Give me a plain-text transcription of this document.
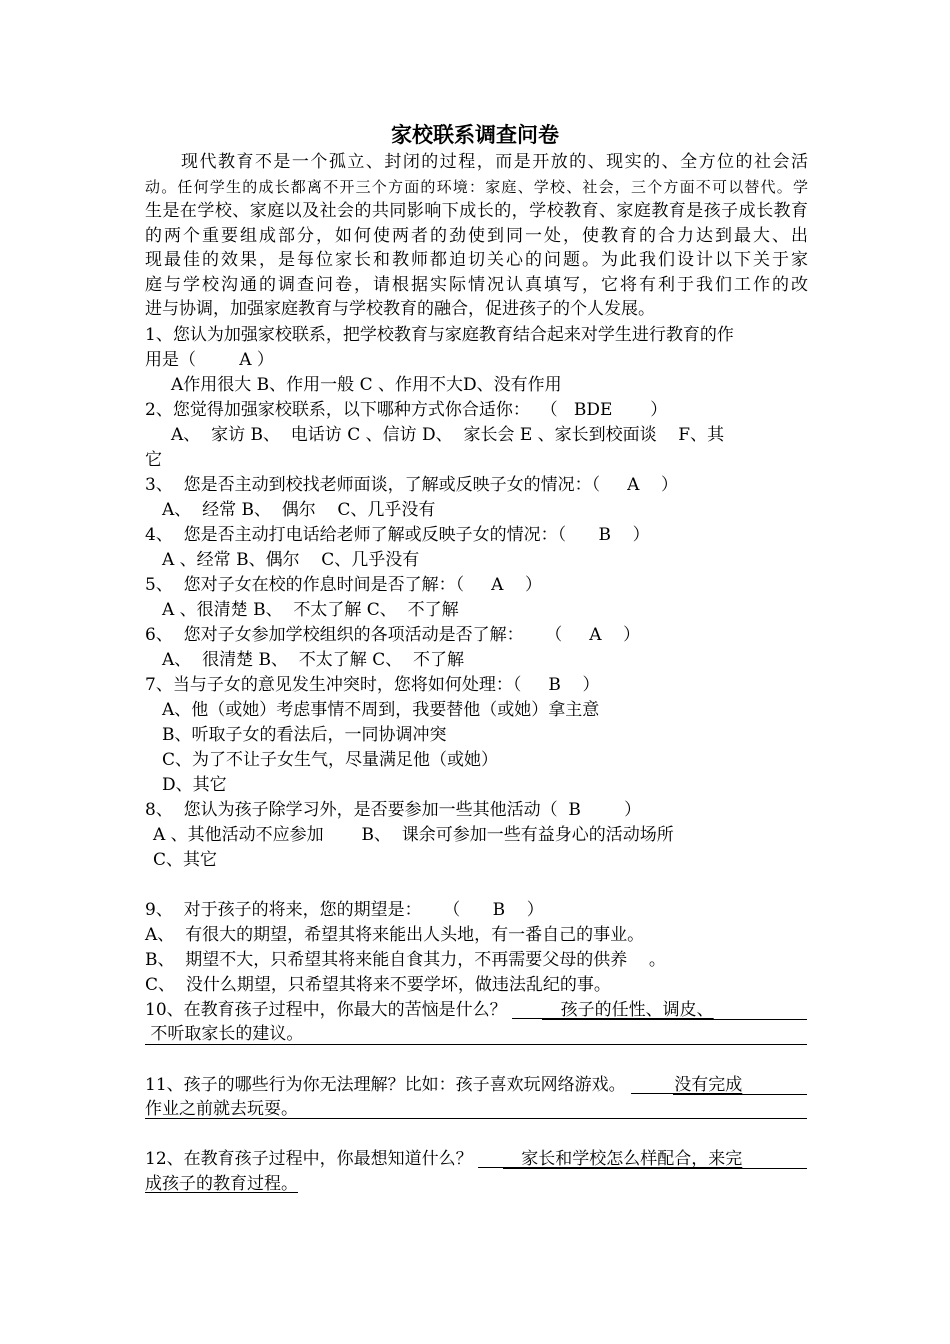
家校联系调查问卷

现代教育不是一个孤立、封闭的过程，而是开放的、现实的、全方位的社会活

动。任何学生的成长都离不开三个方面的环境：家庭、学校、社会，三个方面不可以替代。学

生是在学校、家庭以及社会的共同影响下成长的，学校教育、家庭教育是孩子成长教育

的两个重要组成部分，如何使两者的劲使到同一处，使教育的合力达到最大、出

现最佳的效果，是每位家长和教师都迫切关心的问题。为此我们设计以下关于家

庭与学校沟通的调查问卷，请根据实际情况认真填写，它将有利于我们工作的改

进与协调，加强家庭教育与学校教育的融合，促进孩子的个人发展。

1、您认为加强家校联系，把学校教育与家庭教育结合起来对学生进行教育的作
用是（        A ）
A作用很大 B、作用一般 C 、作用不大D、没有作用
2、您觉得加强家校联系，以下哪种方式你合适你：  （   BDE       ）
A、  家访 B、  电话访 C 、信访 D、  家长会 E 、家长到校面谈    F、其
它
3、  您是否主动到校找老师面谈，了解或反映子女的情况：（     A    ）
A、  经常 B、  偶尔    C、几乎没有
4、  您是否主动打电话给老师了解或反映子女的情况：（      B    ）
A 、经常 B、偶尔    C、几乎没有
5、  您对子女在校的作息时间是否了解：（     A    ）
A 、很清楚 B、  不太了解 C、  不了解
6、  您对子女参加学校组织的各项活动是否了解：    （     A    ）
A、  很清楚 B、  不太了解 C、  不了解
7、当与子女的意见发生冲突时，您将如何处理：（     B    ）
A、他（或她）考虑事情不周到，我要替他（或她）拿主意
B、听取子女的看法后，一同协调冲突
C、为了不让子女生气，尽量满足他（或她）
D、其它
8、  您认为孩子除学习外，是否要参加一些其他活动（  B        ）
A 、其他活动不应参加       B、  课余可参加一些有益身心的活动场所
C、其它
9、  对于孩子的将来，您的期望是：    （      B    ）
A、  有很大的期望，希望其将来能出人头地，有一番自己的事业。
B、  期望不大，只希望其将来能自食其力，不再需要父母的供养    。
C、  没什么期望，只希望其将来不要学坏，做违法乱纪的事。
10、在教育孩子过程中，你最大的苦恼是什么？          孩子的任性、调皮、
不听取家长的建议。
11、孩子的哪些行为你无法理解？比如：孩子喜欢玩网络游戏。         没有完成
作业之前就去玩耍。
12、在教育孩子过程中，你最想知道什么？         家长和学校怎么样配合，来完
成孩子的教育过程。
